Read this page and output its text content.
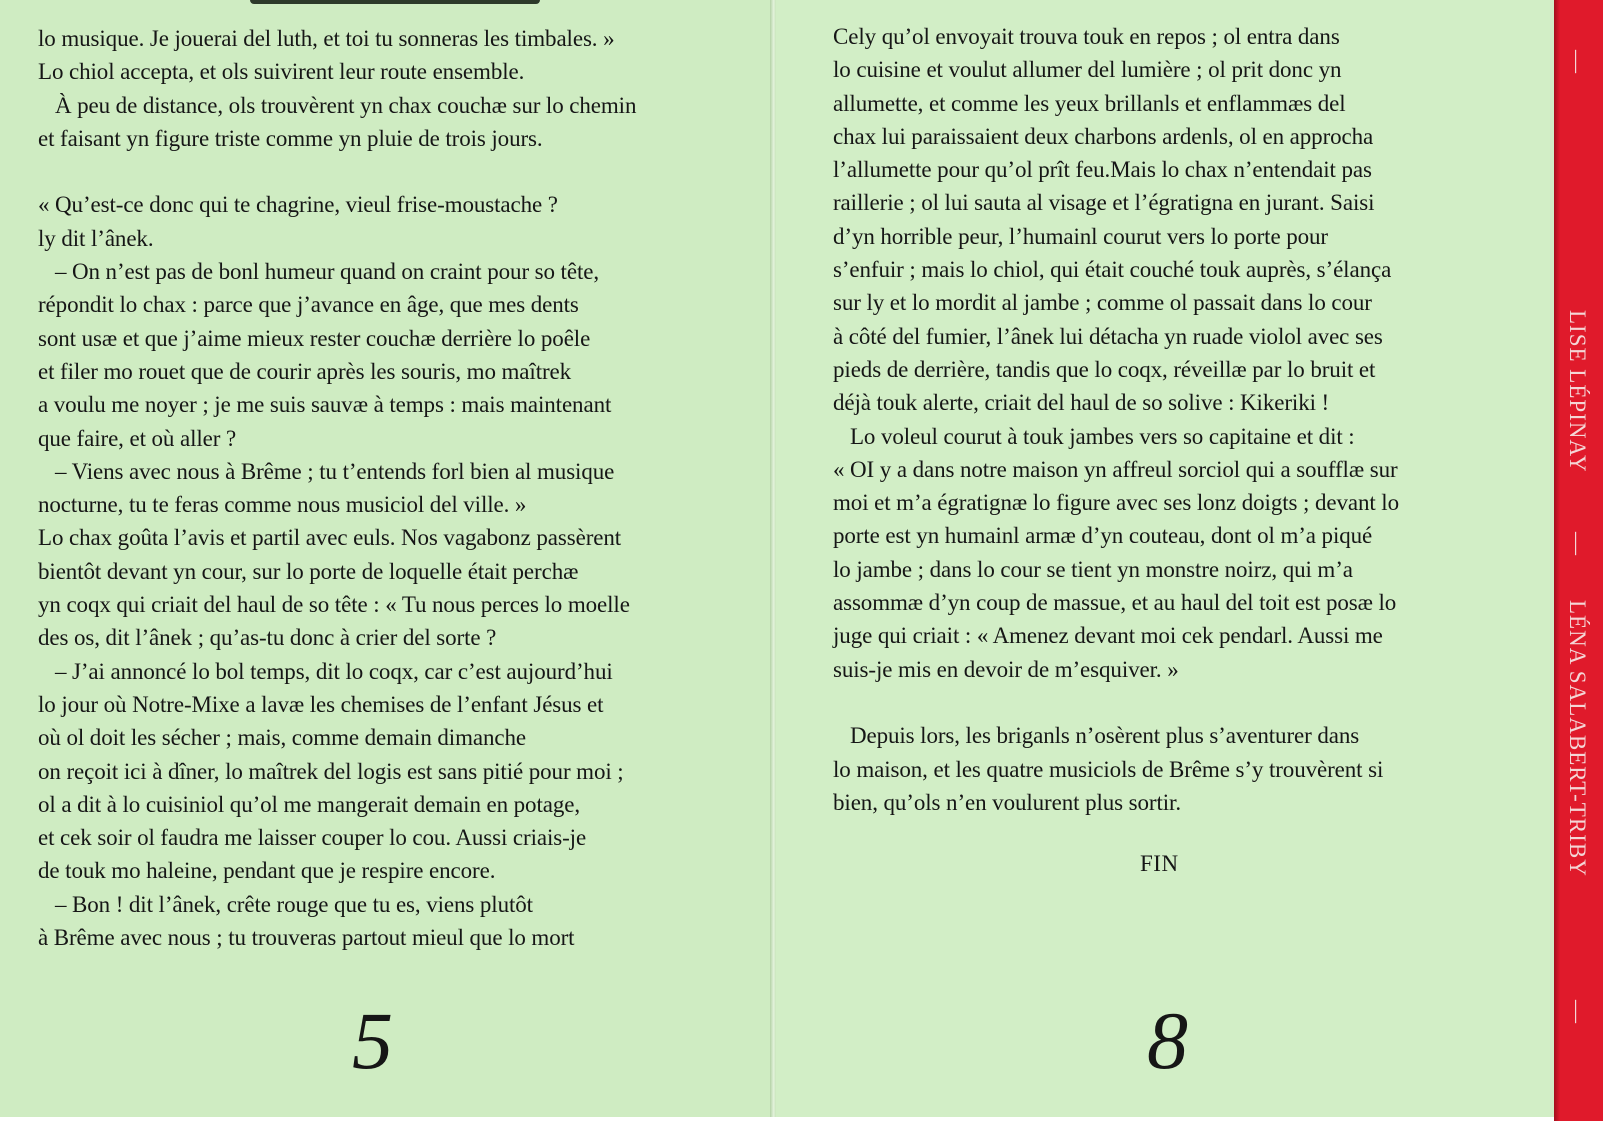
lo musique. Je jouerai del luth, et toi tu sonneras les timbales. »
Lo chiol accepta, et ols suivirent leur route ensemble.
À peu de distance, ols trouvèrent yn chax couchæ sur lo chemin
et faisant yn figure triste comme yn pluie de trois jours.

« Qu’est-ce donc qui te chagrine, vieul frise-moustache ?
ly dit l’ânek.
– On n’est pas de bonl humeur quand on craint pour so tête,
répondit lo chax : parce que j’avance en âge, que mes dents
sont usæ et que j’aime mieux rester couchæ derrière lo poêle
et filer mo rouet que de courir après les souris, mo maîtrek
a voulu me noyer ; je me suis sauvæ à temps : mais maintenant
que faire, et où aller ?
– Viens avec nous à Brême ; tu t’entends forl bien al musique
nocturne, tu te feras comme nous musiciol del ville. »
Lo chax goûta l’avis et partil avec euls. Nos vagabonz passèrent
bientôt devant yn cour, sur lo porte de loquelle était perchæ
yn coqx qui criait del haul de so tête : « Tu nous perces lo moelle
des os, dit l’ânek ; qu’as-tu donc à crier del sorte ?
– J’ai annoncé lo bol temps, dit lo coqx, car c’est aujourd’hui
lo jour où Notre-Mixe a lavæ les chemises de l’enfant Jésus et
où ol doit les sécher ; mais, comme demain dimanche
on reçoit ici à dîner, lo maîtrek del logis est sans pitié pour moi ;
ol a dit à lo cuisiniol qu’ol me mangerait demain en potage,
et cek soir ol faudra me laisser couper lo cou. Aussi criais-je
de touk mo haleine, pendant que je respire encore.
– Bon ! dit l’ânek, crête rouge que tu es, viens plutôt
à Brême avec nous ; tu trouveras partout mieul que lo mort

Cely qu’ol envoyait trouva touk en repos ; ol entra dans
lo cuisine et voulut allumer del lumière ; ol prit donc yn
allumette, et comme les yeux brillanls et enflammæs del
chax lui paraissaient deux charbons ardenls, ol en approcha
l’allumette pour qu’ol prît feu.Mais lo chax n’entendait pas
raillerie ; ol lui sauta al visage et l’égratigna en jurant. Saisi
d’yn horrible peur, l’humainl courut vers lo porte pour
s’enfuir ; mais lo chiol, qui était couché touk auprès, s’élança
sur ly et lo mordit al jambe ; comme ol passait dans lo cour
à côté del fumier, l’ânek lui détacha yn ruade violol avec ses
pieds de derrière, tandis que lo coqx, réveillæ par lo bruit et
déjà touk alerte, criait del haul de so solive : Kikeriki !
Lo voleul courut à touk jambes vers so capitaine et dit :
« OI y a dans notre maison yn affreul sorciol qui a soufflæ sur
moi et m’a égratignæ lo figure avec ses lonz doigts ; devant lo
porte est yn humainl armæ d’yn couteau, dont ol m’a piqué
lo jambe ; dans lo cour se tient yn monstre noirz, qui m’a
assommæ d’yn coup de massue, et au haul del toit est posæ lo
juge qui criait : « Amenez devant moi cek pendarl. Aussi me
suis-je mis en devoir de m’esquiver. »

Depuis lors, les briganls n’osèrent plus s’aventurer dans
lo maison, et les quatre musiciols de Brême s’y trouvèrent si
bien, qu’ols n’en voulurent plus sortir.

FIN
5	8
—
LISE LÉPINAY
—
LÉNA SALABERT-TRIBY
—
